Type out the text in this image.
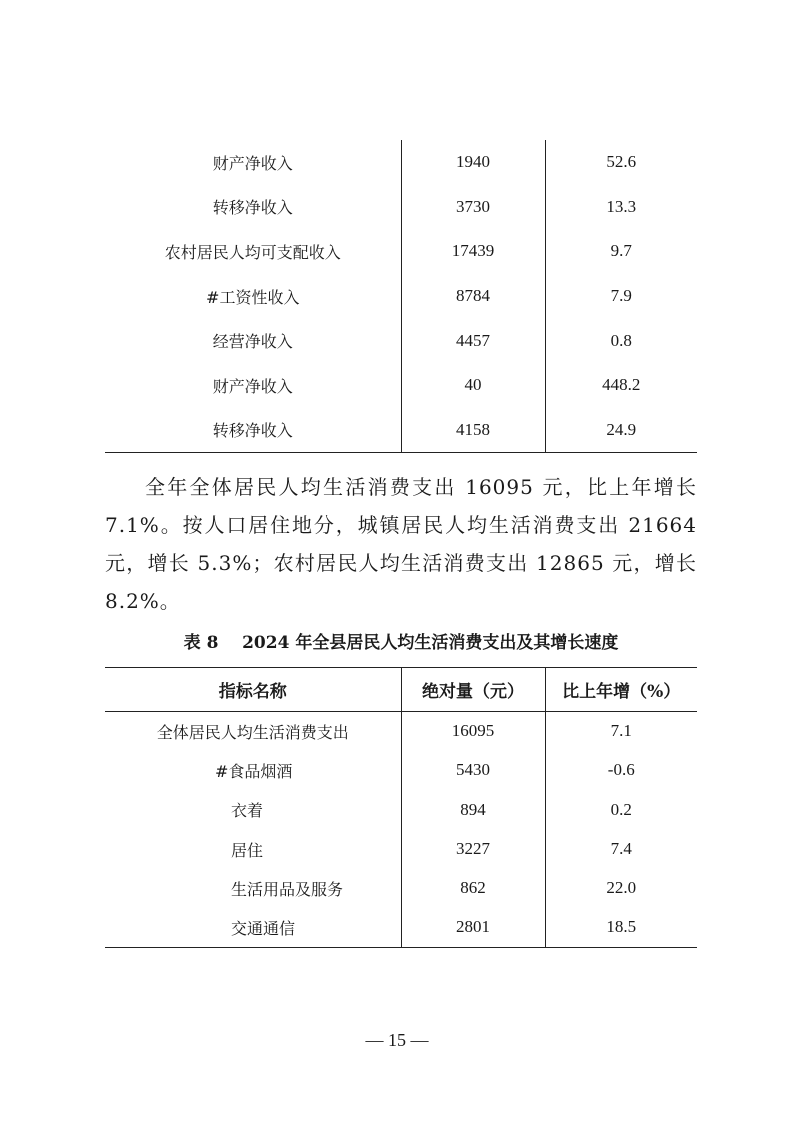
财产净收入	1940	52.6
转移净收入	3730	13.3
农村居民人均可支配收入	17439	9.7
#工资性收入	8784	7.9
经营净收入	4457	0.8
财产净收入	40	448.2
转移净收入	4158	24.9

全年全体居民人均生活消费支出 16095 元，比上年增长 7.1%。按人口居住地分，城镇居民人均生活消费支出 21664 元，增长 5.3%；农村居民人均生活消费支出 12865 元，增长 8.2%。

表 8 2024 年全县居民人均生活消费支出及其增长速度
指标名称	绝对量（元）	比上年增（%）
全体居民人均生活消费支出	16095	7.1
#食品烟酒	5430	-0.6
衣着	894	0.2
居住	3227	7.4
生活用品及服务	862	22.0
交通通信	2801	18.5
— 15 —
